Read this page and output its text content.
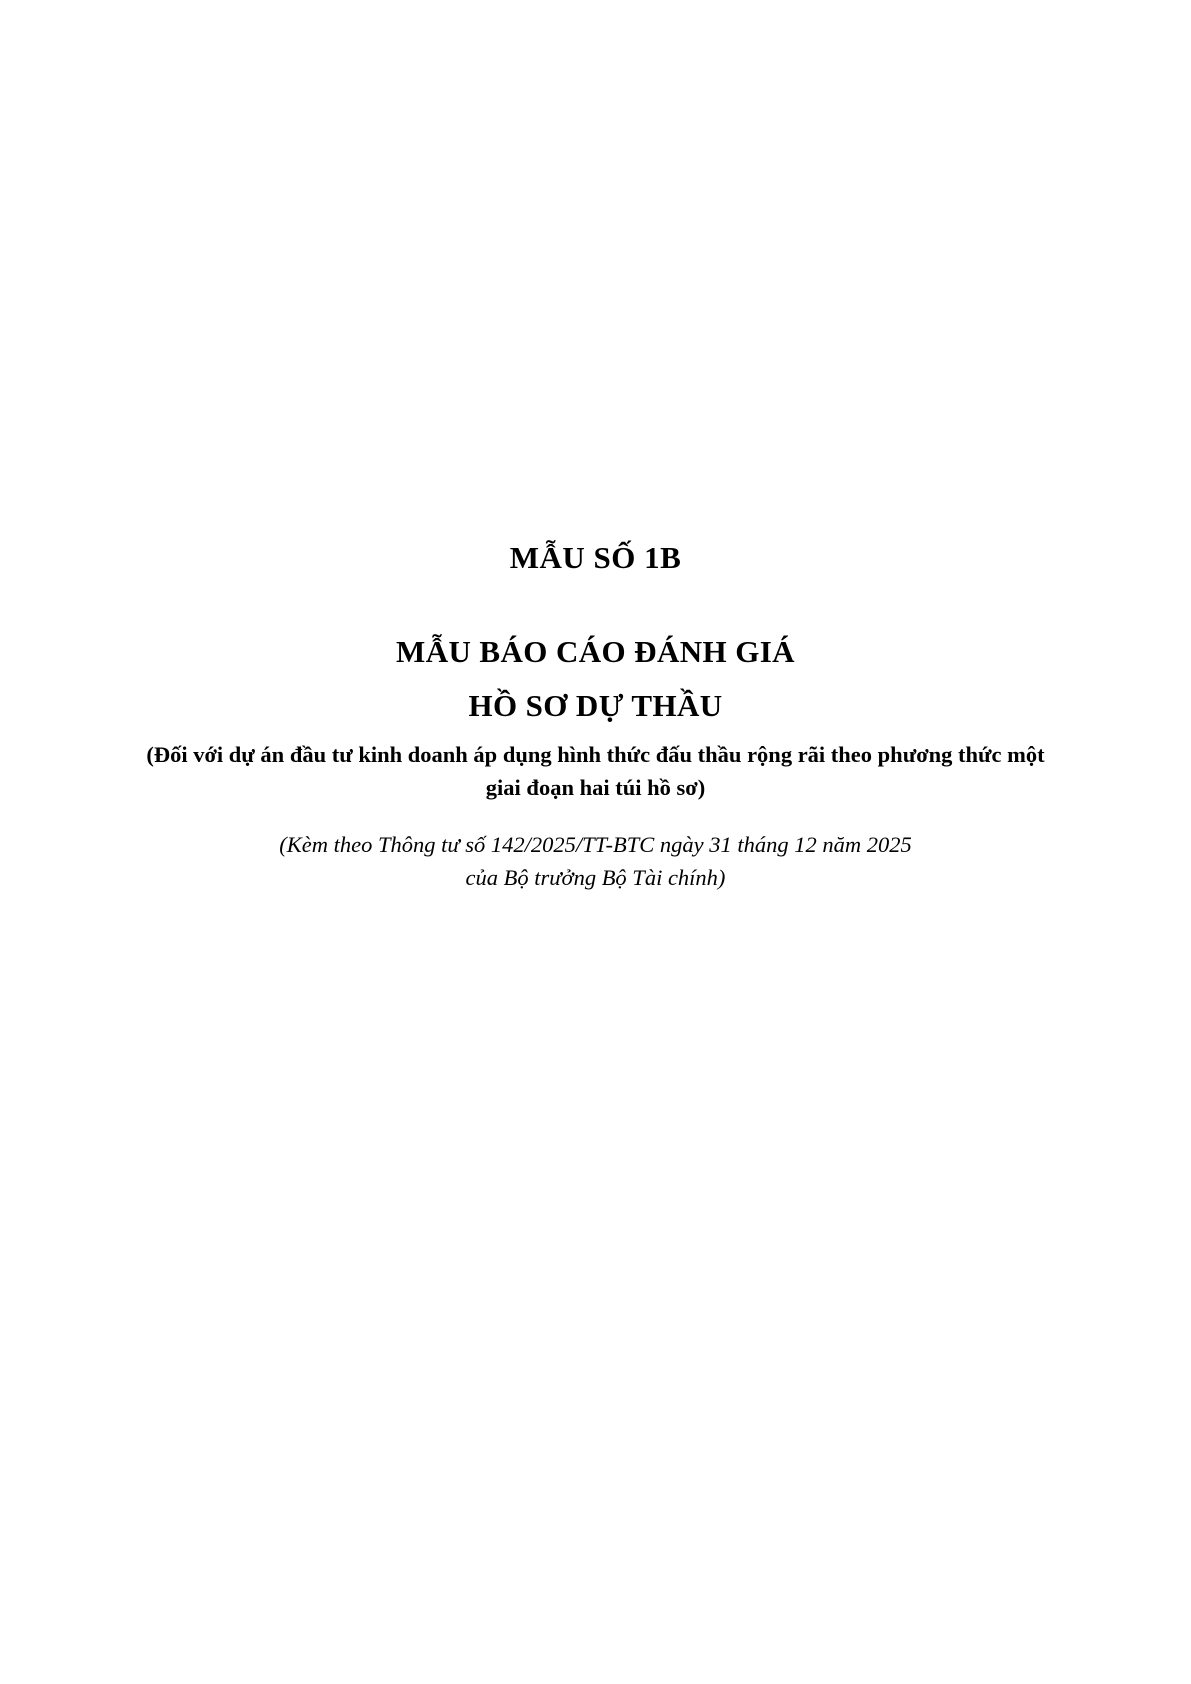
MẪU SỐ 1B
MẪU BÁO CÁO ĐÁNH GIÁ
HỒ SƠ DỰ THẦU
(Đối với dự án đầu tư kinh doanh áp dụng hình thức đấu thầu rộng rãi theo phương thức một giai đoạn hai túi hồ sơ)
(Kèm theo Thông tư số 142/2025/TT-BTC ngày 31 tháng 12 năm 2025
của Bộ trưởng Bộ Tài chính)
